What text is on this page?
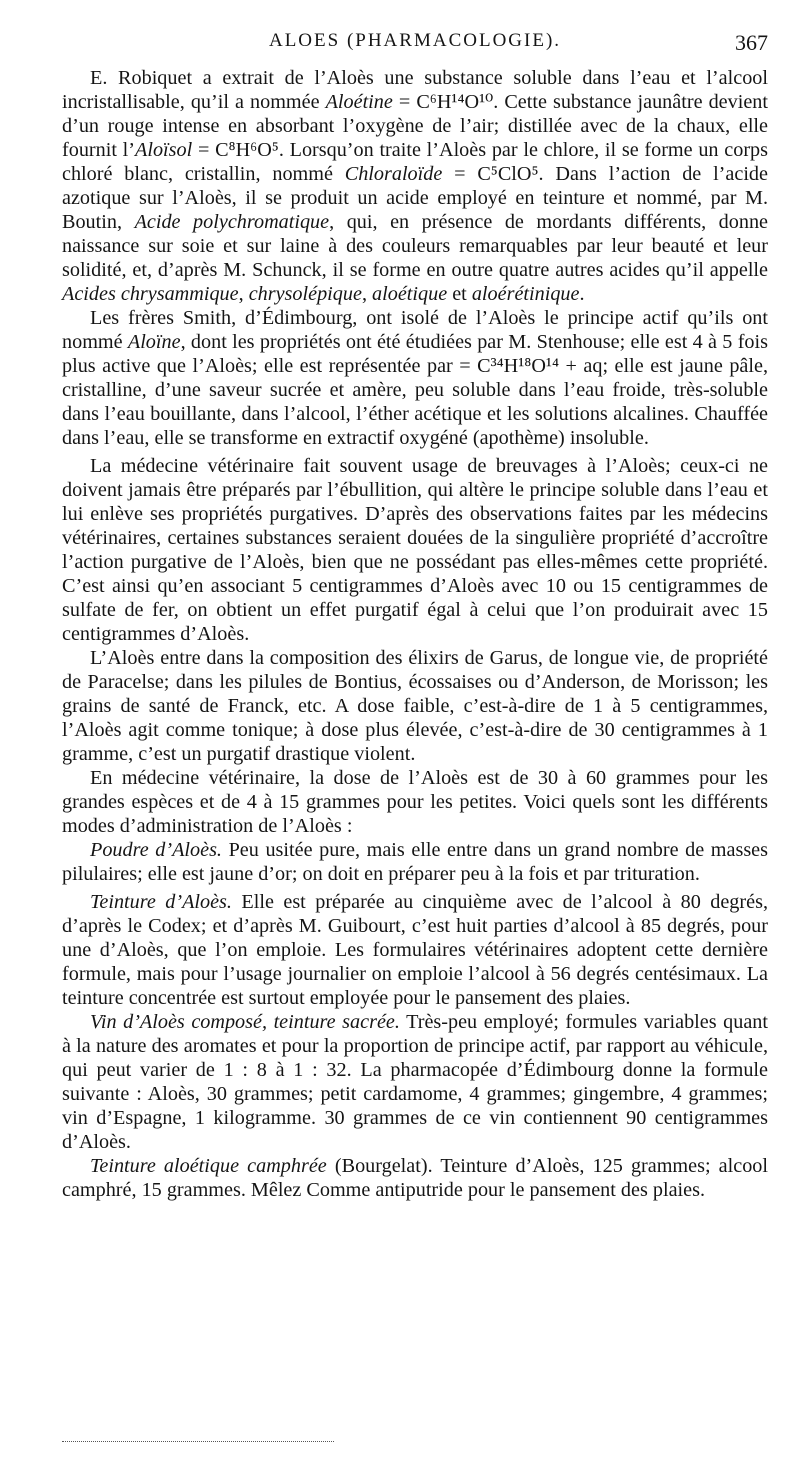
ALOES (PHARMACOLOGIE).	367

E. Robiquet a extrait de l’Aloès une substance soluble dans l’eau et l’alcool incristallisable, qu’il a nommée Aloétine = C⁶H¹⁴O¹⁰. Cette substance jaunâtre devient d’un rouge intense en absorbant l’oxygène de l’air; distillée avec de la chaux, elle fournit l’Aloïsol = C⁸H⁶O⁵. Lorsqu’on traite l’Aloès par le chlore, il se forme un corps chloré blanc, cristallin, nommé Chloraloïde = C⁵ClO⁵. Dans l’action de l’acide azotique sur l’Aloès, il se produit un acide employé en teinture et nommé, par M. Boutin, Acide polychromatique, qui, en présence de mordants différents, donne naissance sur soie et sur laine à des couleurs remarquables par leur beauté et leur solidité, et, d’après M. Schunck, il se forme en outre quatre autres acides qu’il appelle Acides chrysammique, chrysolépique, aloétique et aloérétinique.

Les frères Smith, d’Édimbourg, ont isolé de l’Aloès le principe actif qu’ils ont nommé Aloïne, dont les propriétés ont été étudiées par M. Stenhouse; elle est 4 à 5 fois plus active que l’Aloès; elle est représentée par = C³⁴H¹⁸O¹⁴ + aq; elle est jaune pâle, cristalline, d’une saveur sucrée et amère, peu soluble dans l’eau froide, très-soluble dans l’eau bouillante, dans l’alcool, l’éther acétique et les solutions alcalines. Chauffée dans l’eau, elle se transforme en extractif oxygéné (apothème) insoluble.

La médecine vétérinaire fait souvent usage de breuvages à l’Aloès; ceux-ci ne doivent jamais être préparés par l’ébullition, qui altère le principe soluble dans l’eau et lui enlève ses propriétés purgatives. D’après des observations faites par les médecins vétérinaires, certaines substances seraient douées de la singulière propriété d’accroître l’action purgative de l’Aloès, bien que ne possédant pas elles-mêmes cette propriété. C’est ainsi qu’en associant 5 centigrammes d’Aloès avec 10 ou 15 centigrammes de sulfate de fer, on obtient un effet purgatif égal à celui que l’on produirait avec 15 centigrammes d’Aloès.

L’Aloès entre dans la composition des élixirs de Garus, de longue vie, de propriété de Paracelse; dans les pilules de Bontius, écossaises ou d’Anderson, de Morisson; les grains de santé de Franck, etc. A dose faible, c’est-à-dire de 1 à 5 centigrammes, l’Aloès agit comme tonique; à dose plus élevée, c’est-à-dire de 30 centigrammes à 1 gramme, c’est un purgatif drastique violent.

En médecine vétérinaire, la dose de l’Aloès est de 30 à 60 grammes pour les grandes espèces et de 4 à 15 grammes pour les petites. Voici quels sont les différents modes d’administration de l’Aloès :

Poudre d’Aloès. Peu usitée pure, mais elle entre dans un grand nombre de masses pilulaires; elle est jaune d’or; on doit en préparer peu à la fois et par trituration.

Teinture d’Aloès. Elle est préparée au cinquième avec de l’alcool à 80 degrés, d’après le Codex; et d’après M. Guibourt, c’est huit parties d’alcool à 85 degrés, pour une d’Aloès, que l’on emploie. Les formulaires vétérinaires adoptent cette dernière formule, mais pour l’usage journalier on emploie l’alcool à 56 degrés centésimaux. La teinture concentrée est surtout employée pour le pansement des plaies.

Vin d’Aloès composé, teinture sacrée. Très-peu employé; formules variables quant à la nature des aromates et pour la proportion de principe actif, par rapport au véhicule, qui peut varier de 1 : 8 à 1 : 32. La pharmacopée d’Édimbourg donne la formule suivante : Aloès, 30 grammes; petit cardamome, 4 grammes; gingembre, 4 grammes; vin d’Espagne, 1 kilogramme. 30 grammes de ce vin contiennent 90 centigrammes d’Aloès.

Teinture aloétique camphrée (Bourgelat). Teinture d’Aloès, 125 grammes; alcool camphré, 15 grammes. Mêlez Comme antiputride pour le pansement des plaies.
